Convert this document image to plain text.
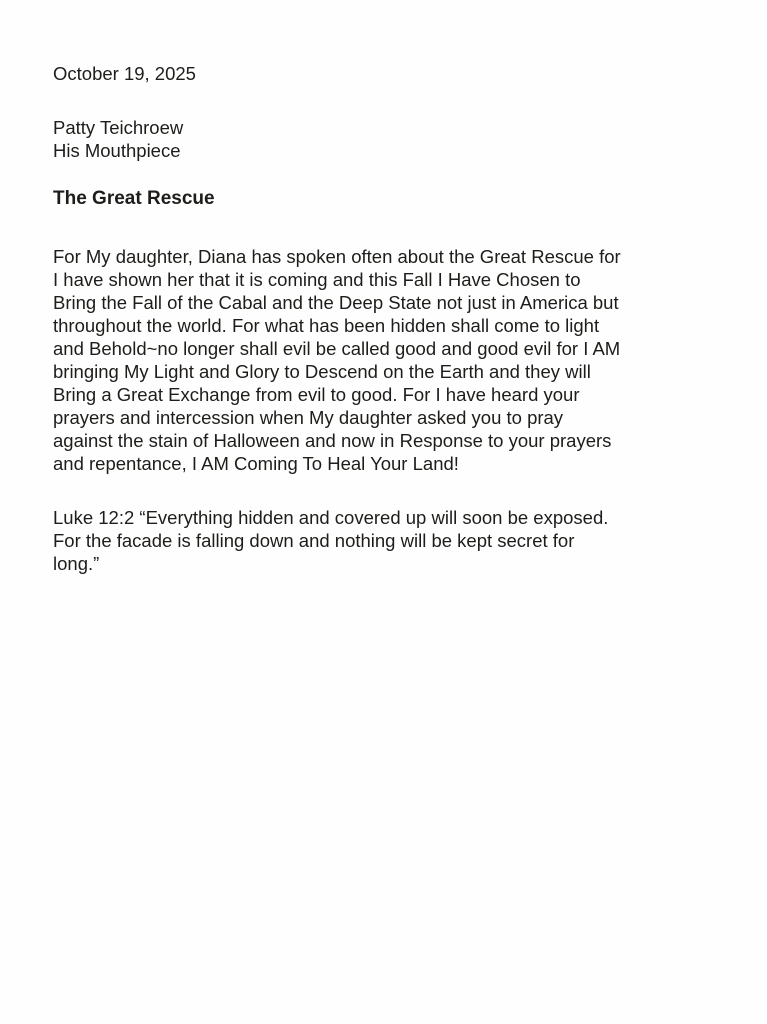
October 19, 2025

Patty Teichroew

His Mouthpiece

The Great Rescue

For My daughter, Diana has spoken often about the Great Rescue for

I have shown her that it is coming and this Fall I Have Chosen to

Bring the Fall of the Cabal and the Deep State not just in America but

throughout the world. For what has been hidden shall come to light

and Behold~no longer shall evil be called good and good evil for I AM

bringing My Light and Glory to Descend on the Earth and they will

Bring a Great Exchange from evil to good. For I have heard your

prayers and intercession when My daughter asked you to pray

against the stain of Halloween and now in Response to your prayers

and repentance, I AM Coming To Heal Your Land!

Luke 12:2 “Everything hidden and covered up will soon be exposed.

For the facade is falling down and nothing will be kept secret for

long.”
